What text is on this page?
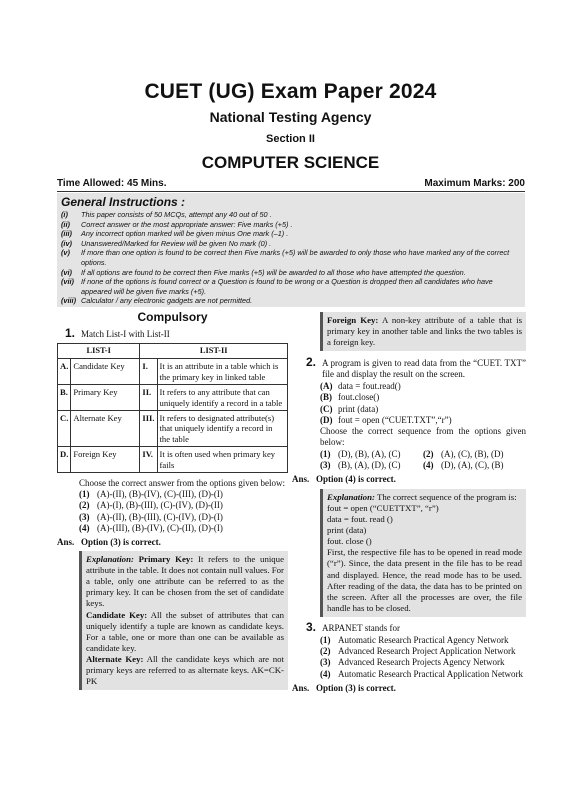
CUET (UG) Exam Paper 2024
National Testing Agency
Section II
COMPUTER SCIENCE
Time Allowed: 45 Mins.	Maximum Marks: 200
General Instructions :
(i)	This paper consists of 50 MCQs, attempt any 40 out of 50 .
(ii)	Correct answer or the most appropriate answer: Five marks (+5) .
(iii)	Any incorrect option marked will be given minus One mark (–1) .
(iv)	Unanswered/Marked for Review will be given No mark (0) .
(v)	If more than one option is found to be correct then Five marks (+5) will be awarded to only those who have marked any of the correct options.
(vi)	If all options are found to be correct then Five marks (+5) will be awarded to all those who have attempted the question.
(vii) If none of the options is found correct or a Question is found to be wrong or a Question is dropped then all candidates who have appeared will be given five marks (+5).
(viii) Calculator / any electronic gadgets are not permitted.
Compulsory
1. Match List-I with List-II
LIST-I		LIST-II	
A.	Candidate Key	I.	It is an attribute in a table which is the primary key in linked table
B.	Primary Key	II.	It refers to any attribute that can uniquely identify a record in a table
C.	Alternate Key	III.	It refers to designated attribute(s) that uniquely identify a record in the table
D.	Foreign Key	IV.	It is often used when primary key fails

Choose the correct answer from the options given below:

(1) (A)-(II), (B)-(IV), (C)-(III), (D)-(I)
(2) (A)-(I), (B)-(III), (C)-(IV), (D)-(II)
(3) (A)-(II), (B)-(III), (C)-(IV), (D)-(I)
(4) (A)-(III), (B)-(IV), (C)-(II), (D)-(I)
Ans. Option (3) is correct.

Explanation: Primary Key: It refers to the unique attribute in the table. It does not contain null values. For a table, only one attribute can be referred to as the primary key. It can be chosen from the set of candidate keys.

Candidate Key: All the subset of attributes that can uniquely identify a tuple are known as candidate keys. For a table, one or more than one can be available as candidate key.

Alternate Key: All the candidate keys which are not primary keys are referred to as alternate keys. AK=CK-PK

Foreign Key: A non-key attribute of a table that is primary key in another table and links the two tables is a foreign key.

2. A program is given to read data from the “CUET. TXT” file and display the result on the screen.
(A) data = fout.read()
(B) fout.close()
(C) print (data)
(D) fout = open (“CUET.TXT”,“r”)

Choose the correct sequence from the options given below:

(1) (D), (B), (A), (C)	(2) (A), (C), (B), (D)
(3) (B), (A), (D), (C)	(4) (D), (A), (C), (B)
Ans. Option (4) is correct.

Explanation: The correct sequence of the program is:

fout = open (“CUETTXT”, “r”)

data = fout. read ()

print (data)

fout. close ()

First, the respective file has to be opened in read mode (“r”). Since, the data present in the file has to be read and displayed. Hence, the read mode has to be used. After reading of the data, the data has to be printed on the screen. After all the processes are over, the file handle has to be closed.

3. ARPANET stands for
(1) Automatic Research Practical Agency Network
(2) Advanced Research Project Application Network
(3) Advanced Research Projects Agency Network
(4) Automatic Research Practical Application Network
Ans. Option (3) is correct.
